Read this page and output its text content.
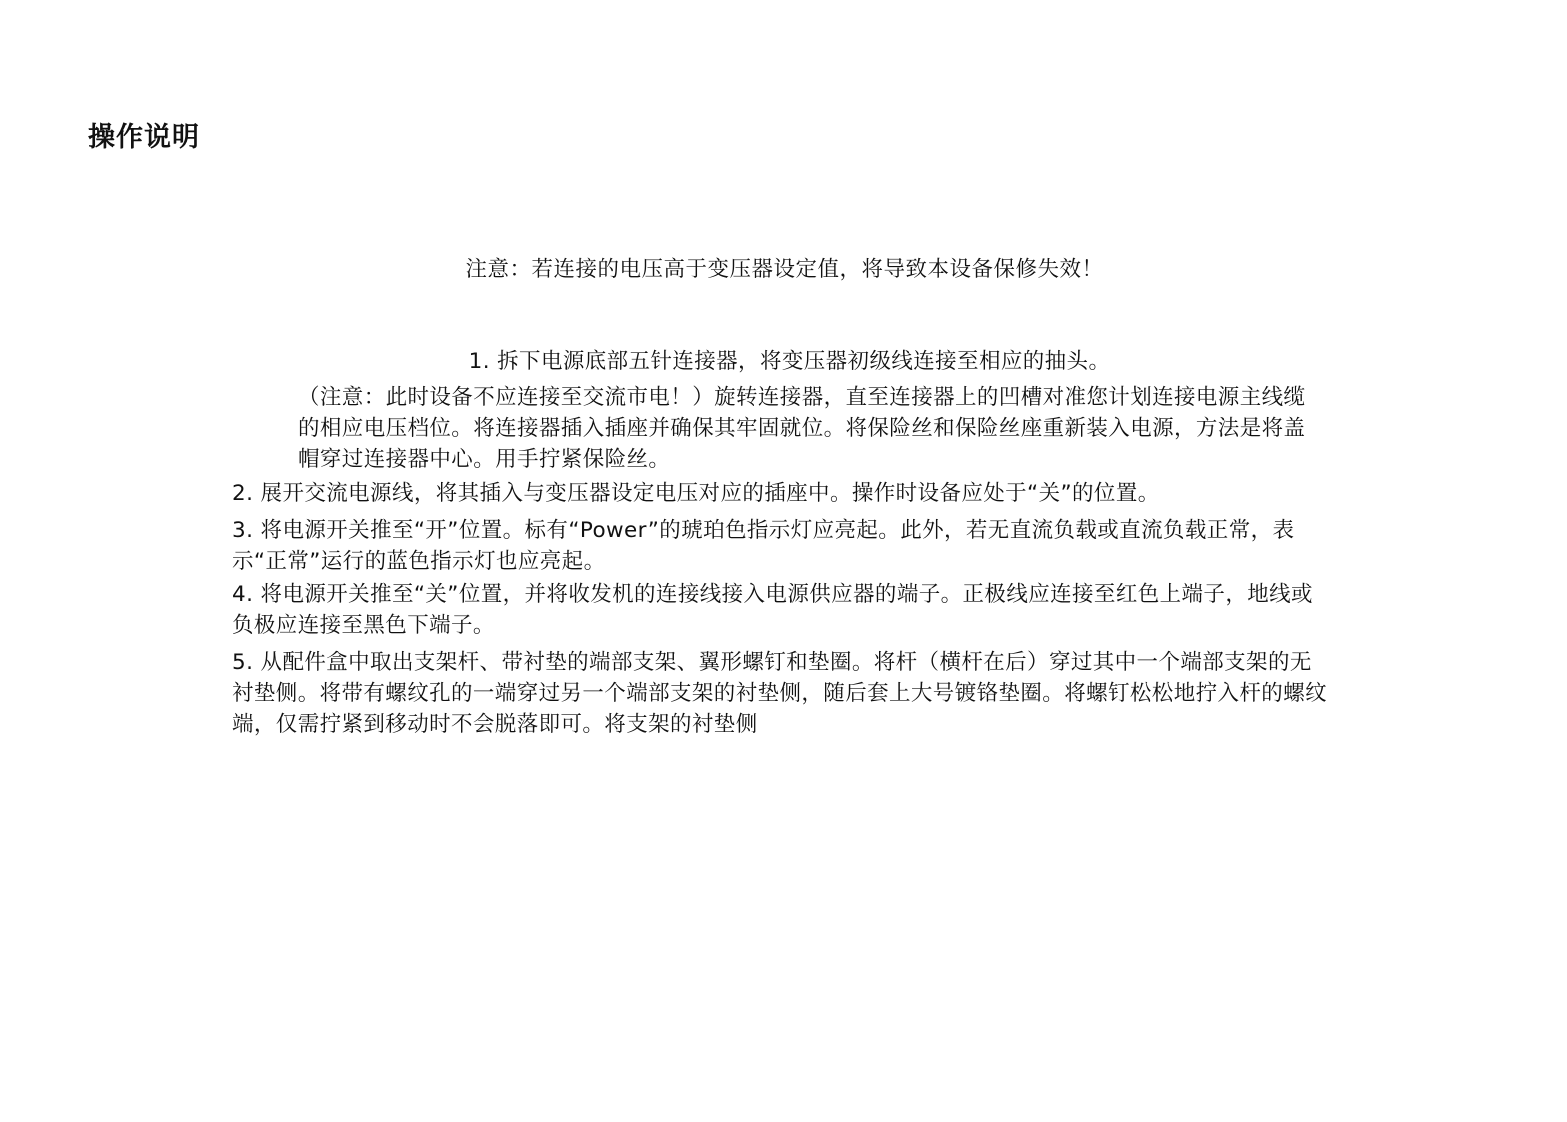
操作说明

注意：若连接的电压高于变压器设定值，将导致本设备保修失效！

1. 拆下电源底部五针连接器，将变压器初级线连接至相应的抽头。

（注意：此时设备不应连接至交流市电！）旋转连接器，直至连接器上的凹槽对准您计划连接电源主线缆的相应电压档位。将连接器插入插座并确保其牢固就位。将保险丝和保险丝座重新装入电源，方法是将盖帽穿过连接器中心。用手拧紧保险丝。

2. 展开交流电源线，将其插入与变压器设定电压对应的插座中。操作时设备应处于“关”的位置。

3. 将电源开关推至“开”位置。标有“Power”的琥珀色指示灯应亮起。此外，若无直流负载或直流负载正常，表示“正常”运行的蓝色指示灯也应亮起。

4. 将电源开关推至“关”位置，并将收发机的连接线接入电源供应器的端子。正极线应连接至红色上端子，地线或负极应连接至黑色下端子。

5. 从配件盒中取出支架杆、带衬垫的端部支架、翼形螺钉和垫圈。将杆（横杆在后）穿过其中一个端部支架的无衬垫侧。将带有螺纹孔的一端穿过另一个端部支架的衬垫侧，随后套上大号镀铬垫圈。将螺钉松松地拧入杆的螺纹端，仅需拧紧到移动时不会脱落即可。将支架的衬垫侧
